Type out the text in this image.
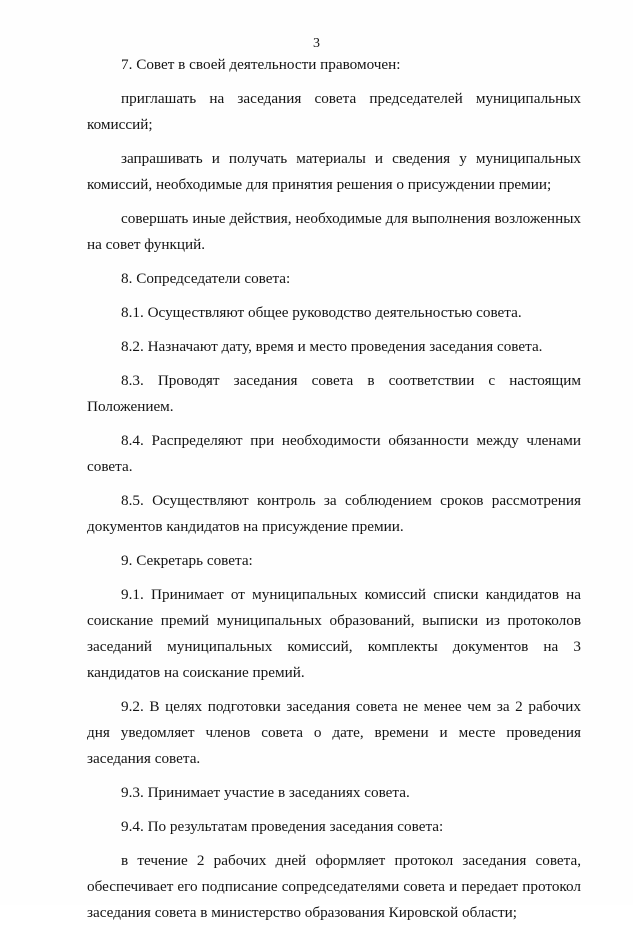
3

7. Совет в своей деятельности правомочен:

приглашать на заседания совета председателей муниципальных комиссий;

запрашивать и получать материалы и сведения у муниципальных комиссий, необходимые для принятия решения о присуждении премии;

совершать иные действия, необходимые для выполнения возложенных на совет функций.

8. Сопредседатели совета:

8.1. Осуществляют общее руководство деятельностью совета.

8.2. Назначают дату, время и место проведения заседания совета.

8.3. Проводят заседания совета в соответствии с настоящим Положением.

8.4. Распределяют при необходимости обязанности между членами совета.

8.5. Осуществляют контроль за соблюдением сроков рассмотрения документов кандидатов на присуждение премии.

9. Секретарь совета:

9.1. Принимает от муниципальных комиссий списки кандидатов на соискание премий муниципальных образований, выписки из протоколов заседаний муниципальных комиссий, комплекты документов на 3 кандидатов на соискание премий.

9.2. В целях подготовки заседания совета не менее чем за 2 рабочих дня уведомляет членов совета о дате, времени и месте проведения заседания совета.

9.3. Принимает участие в заседаниях совета.

9.4. По результатам проведения заседания совета:

в течение 2 рабочих дней оформляет протокол заседания совета, обеспечивает его подписание сопредседателями совета и передает протокол заседания совета в министерство образования Кировской области;
